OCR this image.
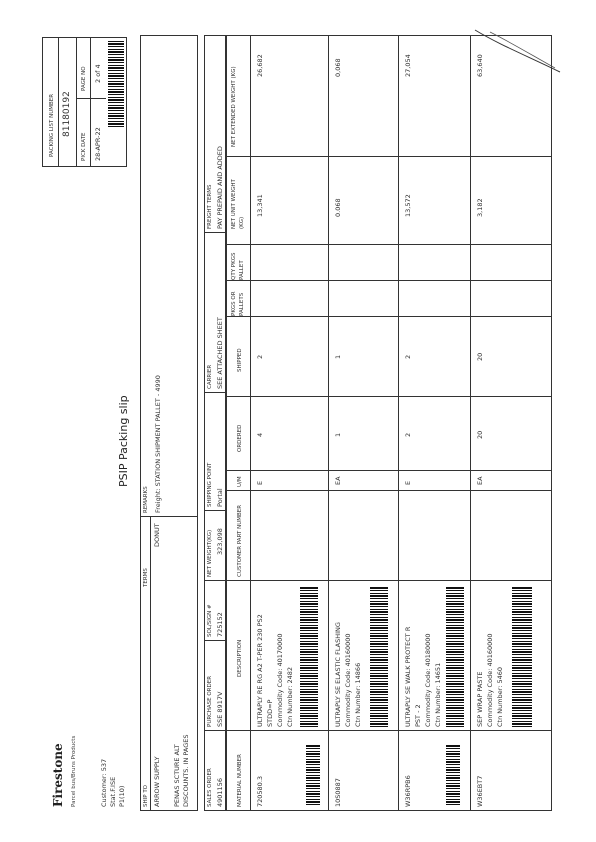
Firestone Parcel bus/Bruns Products	Customer: 537 Stat.F.ISE P1(10)
PSIP Packing slip
PACKING LIST NUMBER 81180192
PICK DATE 28-APR-22
PAGE NO 2 of 4
SHIP TO ARROW SUPPLY PENAS SCTURE ALT DISCOUNTS. IN PAGES
TERMS
DONUT
REMARKS Freight: STATION SHIPMENT PALLET - 4990
SALES ORDER 4901156
PURCHASE ORDER SSE 8917V
SOL/SIGN # 725152
NET WEIGHT(KG) 323,098
SHIPPING POINT Portal
CARRIER SEE ATTACHED SHEET
FREIGHT TERMS PAY PREPAID AND ADDED
MATERIAL NUMBER
DESCRIPTION
CUSTOMER PART NUMBER
U/M
ORDERED
SHIPPED
PKGS OR PALLETS
QTY PKGS PALLET
NET UNIT WEIGHT (KG)
NET EXTENDED WEIGHT (KG)
720580.3
ULTRAPLY RE RG A2 T-PER 230 PS2 STDD=P Commodity Code: 40170000 Ctn Number: 2482
E
4
2
13,341
26,682
10S0887
ULTRAPLY SE ELASTIC FLASHING Commodity Code: 40160000 Ctn Number: 14866
EA
1
1
0.068
0,068
W36RPB6
ULTRAPLY SE WALK PROTECT R PST - 2 Commodity Code: 40180000 Ctn Number: 14651
E
2
2
13,572
27,054
W36EBT7
SEP WRAP PASTE Commodity Code: 40160000 Ctn Number: 5460
EA
20
20
3,182
63,640
